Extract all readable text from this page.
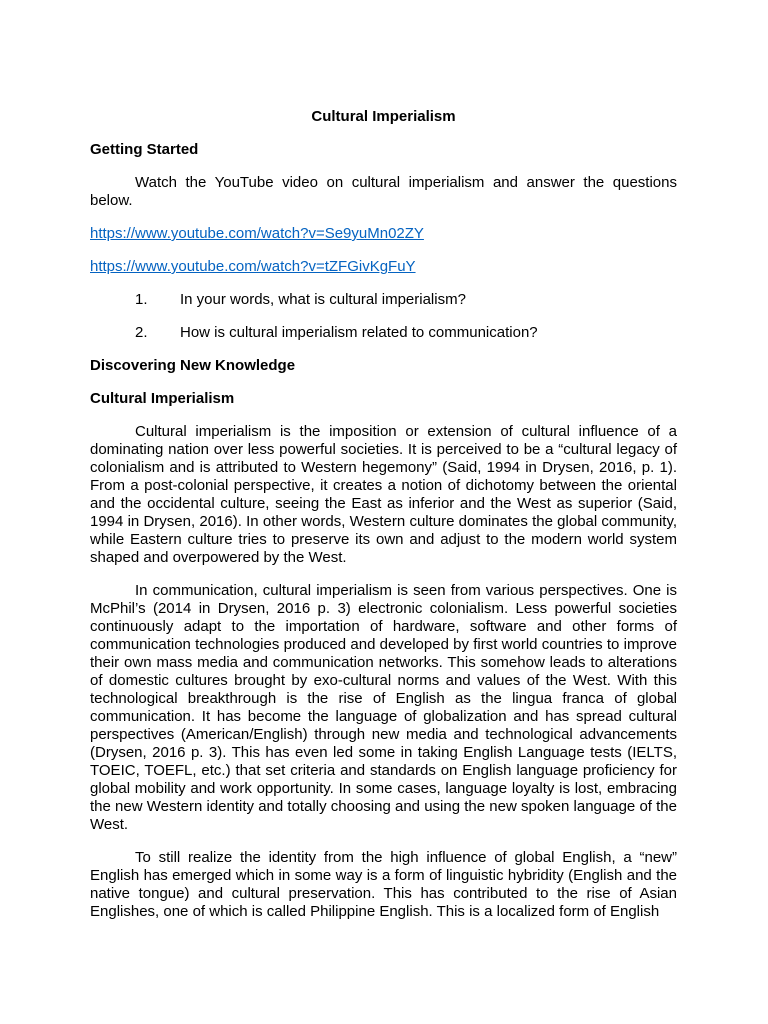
Cultural Imperialism
Getting Started
Watch the YouTube video on cultural imperialism and answer the questions below.
https://www.youtube.com/watch?v=Se9yuMn02ZY
https://www.youtube.com/watch?v=tZFGivKgFuY
1.	In your words, what is cultural imperialism?
2.	How is cultural imperialism related to communication?
Discovering New Knowledge
Cultural Imperialism
Cultural imperialism is the imposition or extension of cultural influence of a dominating nation over less powerful societies. It is perceived to be a “cultural legacy of colonialism and is attributed to Western hegemony” (Said, 1994 in Drysen, 2016, p. 1). From a post-colonial perspective, it creates a notion of dichotomy between the oriental and the occidental culture, seeing the East as inferior and the West as superior (Said, 1994 in Drysen, 2016). In other words, Western culture dominates the global community, while Eastern culture tries to preserve its own and adjust to the modern world system shaped and overpowered by the West.
In communication, cultural imperialism is seen from various perspectives. One is McPhil’s (2014 in Drysen, 2016 p. 3) electronic colonialism. Less powerful societies continuously adapt to the importation of hardware, software and other forms of communication technologies produced and developed by first world countries to improve their own mass media and communication networks. This somehow leads to alterations of domestic cultures brought by exo-cultural norms and values of the West. With this technological breakthrough is the rise of English as the lingua franca of global communication. It has become the language of globalization and has spread cultural perspectives (American/English) through new media and technological advancements (Drysen, 2016 p. 3). This has even led some in taking English Language tests (IELTS, TOEIC, TOEFL, etc.) that set criteria and standards on English language proficiency for global mobility and work opportunity. In some cases, language loyalty is lost, embracing the new Western identity and totally choosing and using the new spoken language of the West.
To still realize the identity from the high influence of global English, a “new” English has emerged which in some way is a form of linguistic hybridity (English and the native tongue) and cultural preservation. This has contributed to the rise of Asian Englishes, one of which is called Philippine English. This is a localized form of English
